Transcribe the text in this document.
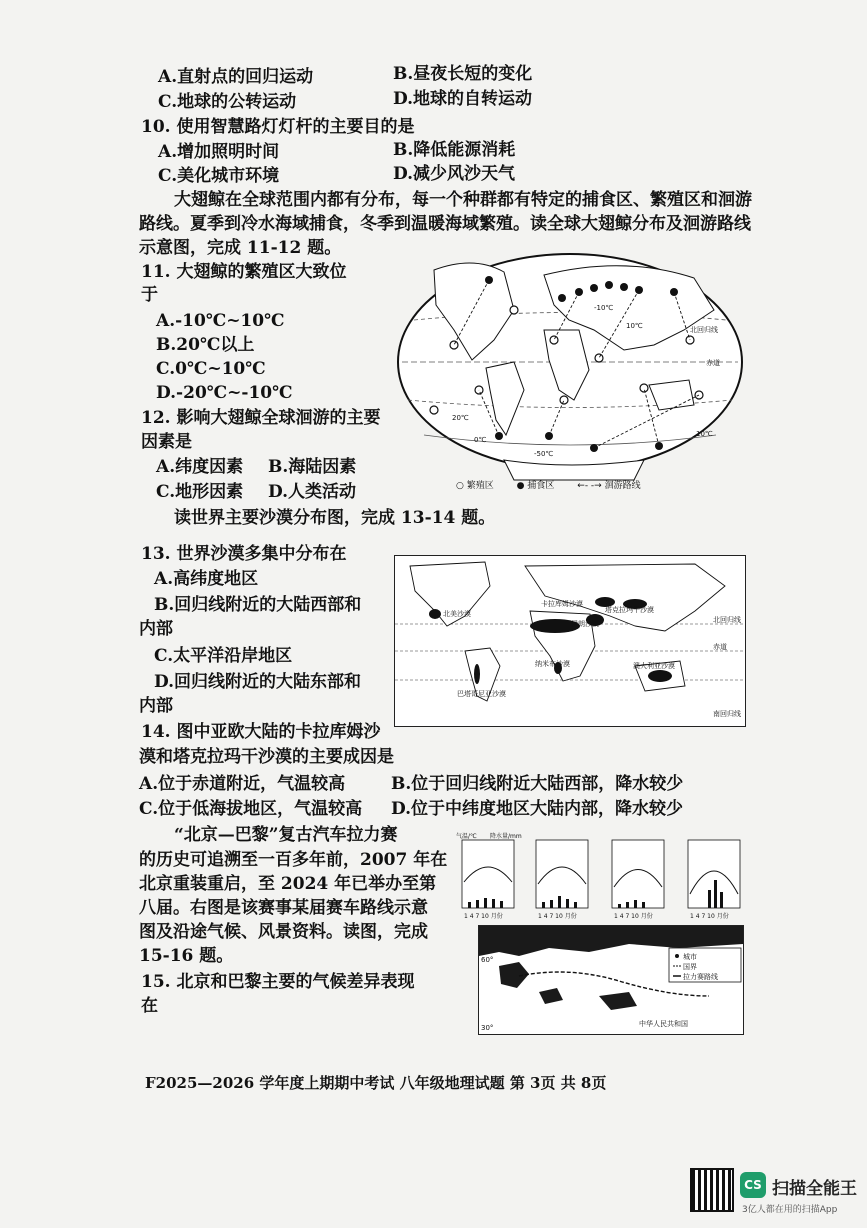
A.直射点的回归运动	B.昼夜长短的变化
C.地球的公转运动	D.地球的自转运动
10. 使用智慧路灯灯杆的主要目的是
A.增加照明时间	B.降低能源消耗
C.美化城市环境	D.减少风沙天气
大翅鲸在全球范围内都有分布，每一个种群都有特定的捕食区、繁殖区和洄游
路线。夏季到冷水海域捕食，冬季到温暖海域繁殖。读全球大翅鲸分布及洄游路线
示意图，完成 11-12 题。
11. 大翅鲸的繁殖区大致位
于
A.-10℃~10℃
B.20℃以上
C.0℃~10℃
D.-20℃~-10℃
12. 影响大翅鲸全球洄游的主要
因素是
A.纬度因素 B.海陆因素
C.地形因素 D.人类活动
10℃
-10℃
北回归线
赤道
20℃
10℃
-50℃
0℃
○ 繁殖区	● 捕食区	←- -→ 洄游路线
读世界主要沙漠分布图，完成 13-14 题。
13. 世界沙漠多集中分布在
A.高纬度地区
B.回归线附近的大陆西部和
内部
C.太平洋沿岸地区
D.回归线附近的大陆东部和
内部
北美沙漠
卡拉库姆沙漠
塔克拉玛干沙漠
伊朗沙漠
纳米布沙漠
巴塔哥尼亚沙漠
澳大利亚沙漠
北回归线
赤道
南回归线
14. 图中亚欧大陆的卡拉库姆沙
漠和塔克拉玛干沙漠的主要成因是
A.位于赤道附近，气温较高	B.位于回归线附近大陆西部，降水较少
C.位于低海拔地区，气温较高 D.位于中纬度地区大陆内部，降水较少
“北京—巴黎”复古汽车拉力赛
的历史可追溯至一百多年前，2007 年在
北京重装重启，至 2024 年已举办至第
八届。右图是该赛事某届赛车路线示意
图及沿途气候、风景资料。读图，完成
15-16 题。
15. 北京和巴黎主要的气候差异表现
在
气温/℃ 降水量/mm
1 4 7 10 月份	1 4 7 10 月份	1 4 7 10 月份	1 4 7 10 月份
城市
国界
拉力赛路线
中华人民共和国
60°
30°
F2025—2026 学年度上期期中考试 八年级地理试题 第 3页 共 8页
CS 扫描全能王
3亿人都在用的扫描App
